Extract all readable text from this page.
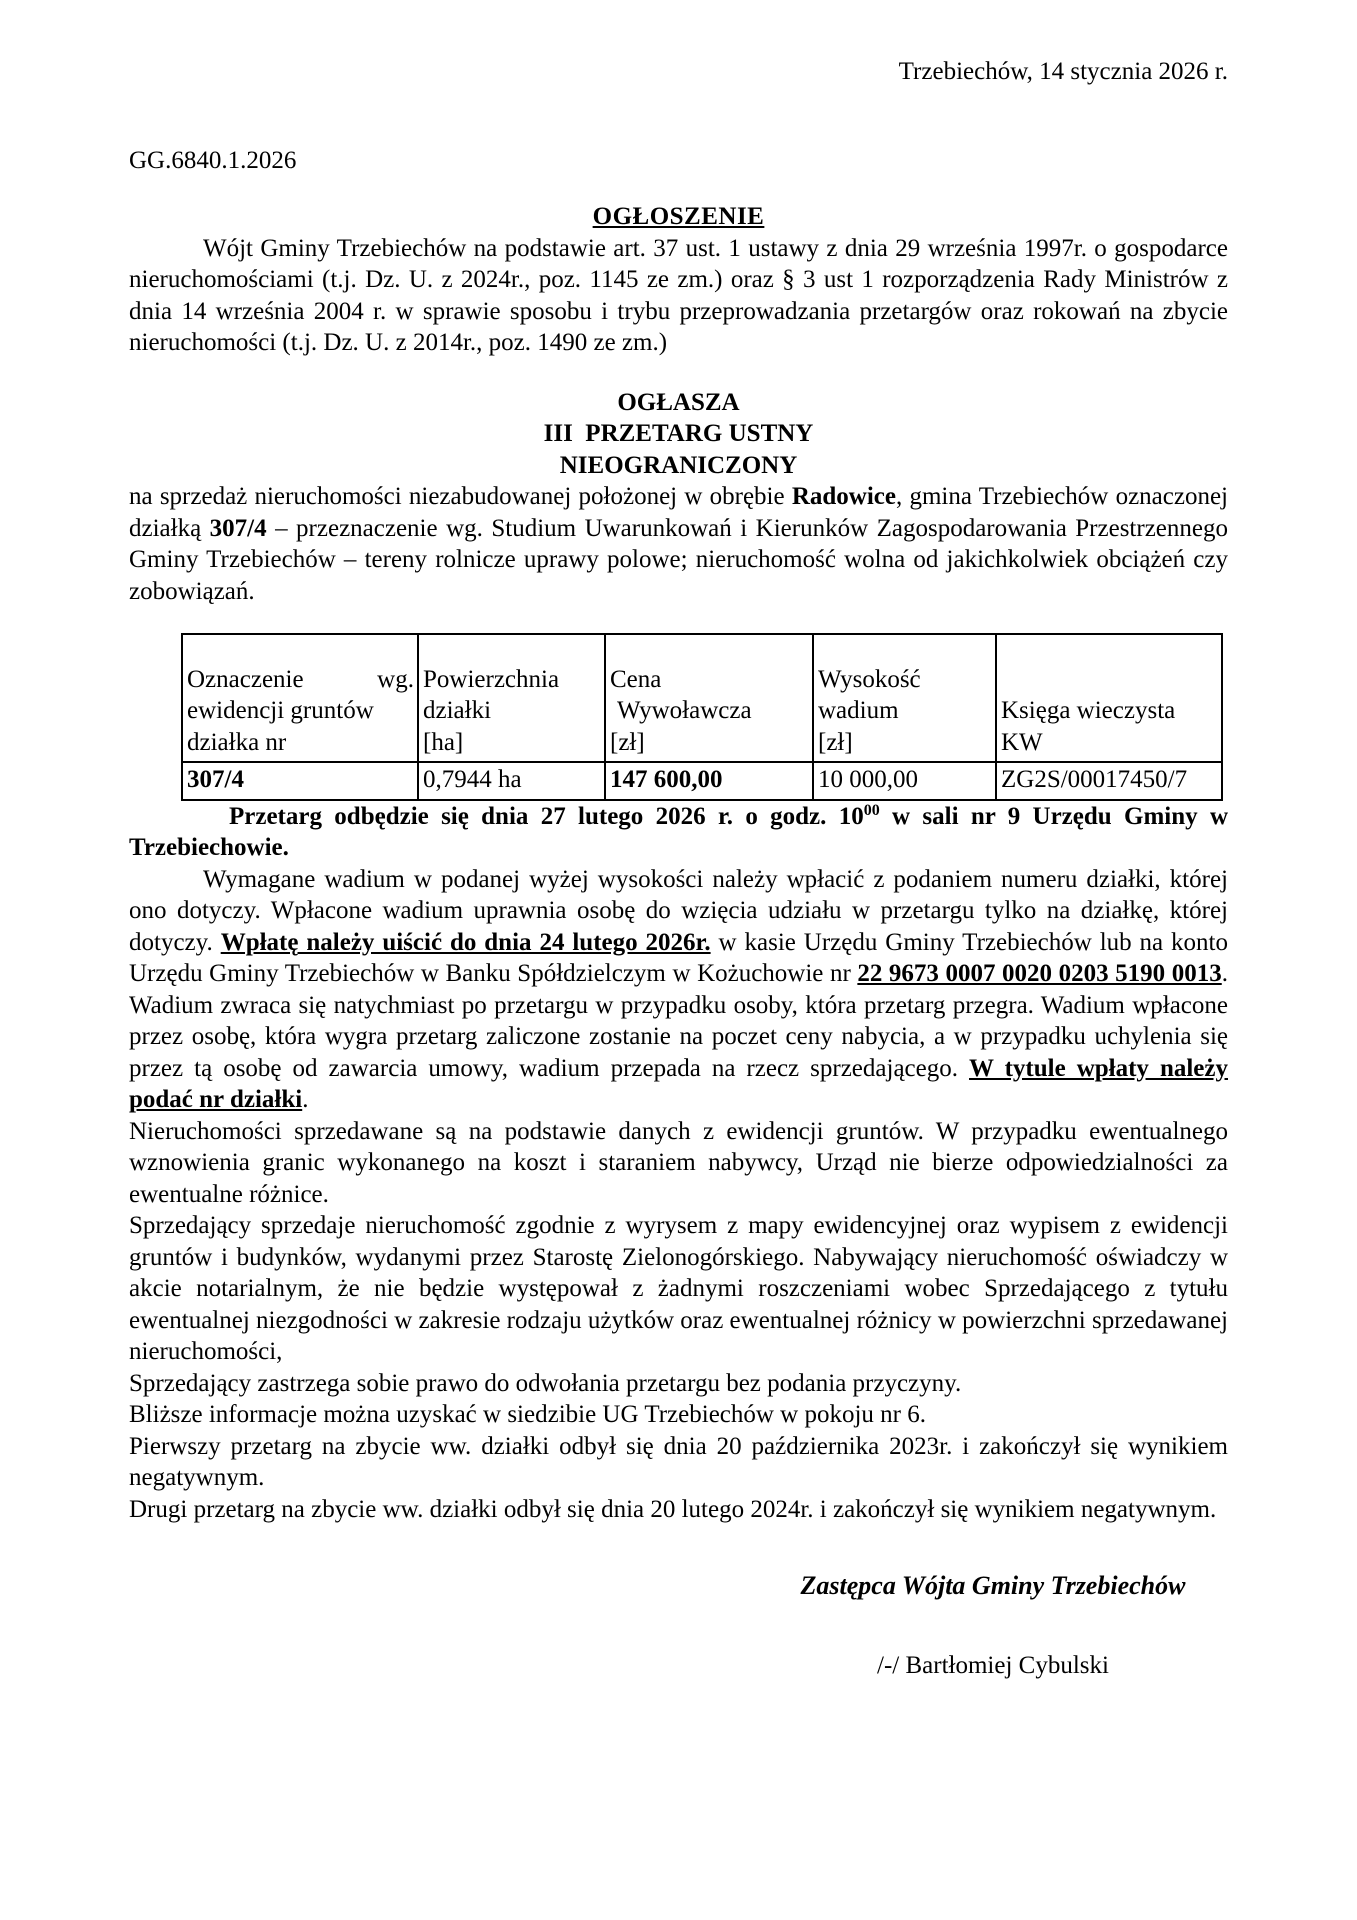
Trzebiechów, 14 stycznia 2026 r.
GG.6840.1.2026
OGŁOSZENIE

Wójt Gminy Trzebiechów na podstawie art. 37 ust. 1 ustawy z dnia 29 września 1997r. o gospodarce nieruchomościami (t.j. Dz. U. z 2024r., poz. 1145 ze zm.) oraz § 3 ust 1 rozporządzenia Rady Ministrów z dnia 14 września 2004 r. w sprawie sposobu i trybu przeprowadzania przetargów oraz rokowań na zbycie nieruchomości (t.j. Dz. U. z 2014r., poz. 1490 ze zm.)

OGŁASZA
III  PRZETARG USTNY
NIEOGRANICZONY

na sprzedaż nieruchomości niezabudowanej położonej w obrębie Radowice, gmina Trzebiechów oznaczonej działką 307/4 – przeznaczenie wg. Studium Uwarunkowań i Kierunków Zagospodarowania Przestrzennego Gminy Trzebiechów – tereny rolnicze uprawy polowe; nieruchomość wolna od jakichkolwiek obciążeń czy zobowiązań.

Oznaczenie wg.
ewidencji gruntów
działka nr

Powierzchnia
działki
[ha]

Cena
Wywoławcza
[zł]

Wysokość
wadium
[zł]

Księga wieczysta
KW

307/4	0,7944 ha	147 600,00	10 000,00	ZG2S/00017450/7

Przetarg odbędzie się dnia 27 lutego 2026 r. o godz. $10^{00}$ w sali nr 9 Urzędu Gminy w Trzebiechowie.

Wymagane wadium w podanej wyżej wysokości należy wpłacić z podaniem numeru działki, której ono dotyczy. Wpłacone wadium uprawnia osobę do wzięcia udziału w przetargu tylko na działkę, której dotyczy. Wpłatę należy uiścić do dnia 24 lutego 2026r. w kasie Urzędu Gminy Trzebiechów lub na konto Urzędu Gminy Trzebiechów w Banku Spółdzielczym w Kożuchowie nr 22 9673 0007 0020 0203 5190 0013. Wadium zwraca się natychmiast po przetargu w przypadku osoby, która przetarg przegra. Wadium wpłacone przez osobę, która wygra przetarg zaliczone zostanie na poczet ceny nabycia, a w przypadku uchylenia się przez tą osobę od zawarcia umowy, wadium przepada na rzecz sprzedającego. W tytule wpłaty należy podać nr działki.

Nieruchomości sprzedawane są na podstawie danych z ewidencji gruntów. W przypadku ewentualnego wznowienia granic wykonanego na koszt i staraniem nabywcy, Urząd nie bierze odpowiedzialności za ewentualne różnice.

Sprzedający sprzedaje nieruchomość zgodnie z wyrysem z mapy ewidencyjnej oraz wypisem z ewidencji gruntów i budynków, wydanymi przez Starostę Zielonogórskiego. Nabywający nieruchomość oświadczy w akcie notarialnym, że nie będzie występował z żadnymi roszczeniami wobec Sprzedającego z tytułu ewentualnej niezgodności w zakresie rodzaju użytków oraz ewentualnej różnicy w powierzchni sprzedawanej nieruchomości,

Sprzedający zastrzega sobie prawo do odwołania przetargu bez podania przyczyny.

Bliższe informacje można uzyskać w siedzibie UG Trzebiechów w pokoju nr 6.

Pierwszy przetarg na zbycie ww. działki odbył się dnia 20 października 2023r. i zakończył się wynikiem negatywnym.

Drugi przetarg na zbycie ww. działki odbył się dnia 20 lutego 2024r. i zakończył się wynikiem negatywnym.

Zastępca Wójta Gminy Trzebiechów
/-/ Bartłomiej Cybulski
